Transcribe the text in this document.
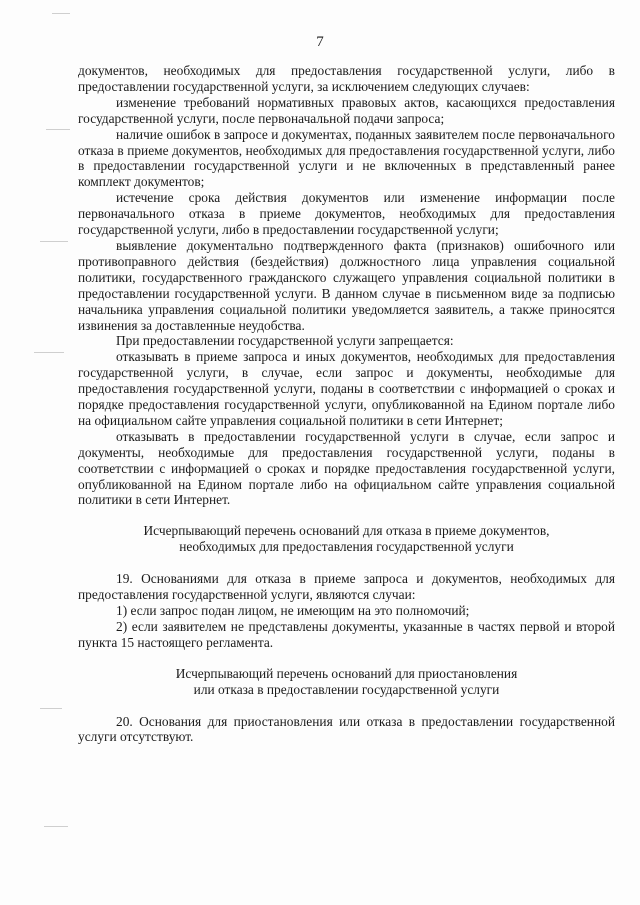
7

документов, необходимых для предоставления государственной услуги, либо в предоставлении государственной услуги, за исключением следующих случаев:

изменение требований нормативных правовых актов, касающихся предоставления государственной услуги, после первоначальной подачи запроса;

наличие ошибок в запросе и документах, поданных заявителем после первоначального отказа в приеме документов, необходимых для предоставления государственной услуги, либо в предоставлении государственной услуги и не включенных в представленный ранее комплект документов;

истечение срока действия документов или изменение информации после первоначального отказа в приеме документов, необходимых для предоставления государственной услуги, либо в предоставлении государственной услуги;

выявление документально подтвержденного факта (признаков) ошибочного или противоправного действия (бездействия) должностного лица управления социальной политики, государственного гражданского служащего управления социальной политики в предоставлении государственной услуги. В данном случае в письменном виде за подписью начальника управления социальной политики уведомляется заявитель, а также приносятся извинения за доставленные неудобства.

При предоставлении государственной услуги запрещается:

отказывать в приеме запроса и иных документов, необходимых для предоставления государственной услуги, в случае, если запрос и документы, необходимые для предоставления государственной услуги, поданы в соответствии с информацией о сроках и порядке предоставления государственной услуги, опубликованной на Едином портале либо на официальном сайте управления социальной политики в сети Интернет;

отказывать в предоставлении государственной услуги в случае, если запрос и документы, необходимые для предоставления государственной услуги, поданы в соответствии с информацией о сроках и порядке предоставления государственной услуги, опубликованной на Едином портале либо на официальном сайте управления социальной политики в сети Интернет.

Исчерпывающий перечень оснований для отказа в приеме документов,
необходимых для предоставления государственной услуги

19. Основаниями для отказа в приеме запроса и документов, необходимых для предоставления государственной услуги, являются случаи:

1) если запрос подан лицом, не имеющим на это полномочий;

2) если заявителем не представлены документы, указанные в частях первой и второй пункта 15 настоящего регламента.

Исчерпывающий перечень оснований для приостановления
или отказа в предоставлении государственной услуги

20. Основания для приостановления или отказа в предоставлении государственной услуги отсутствуют.
